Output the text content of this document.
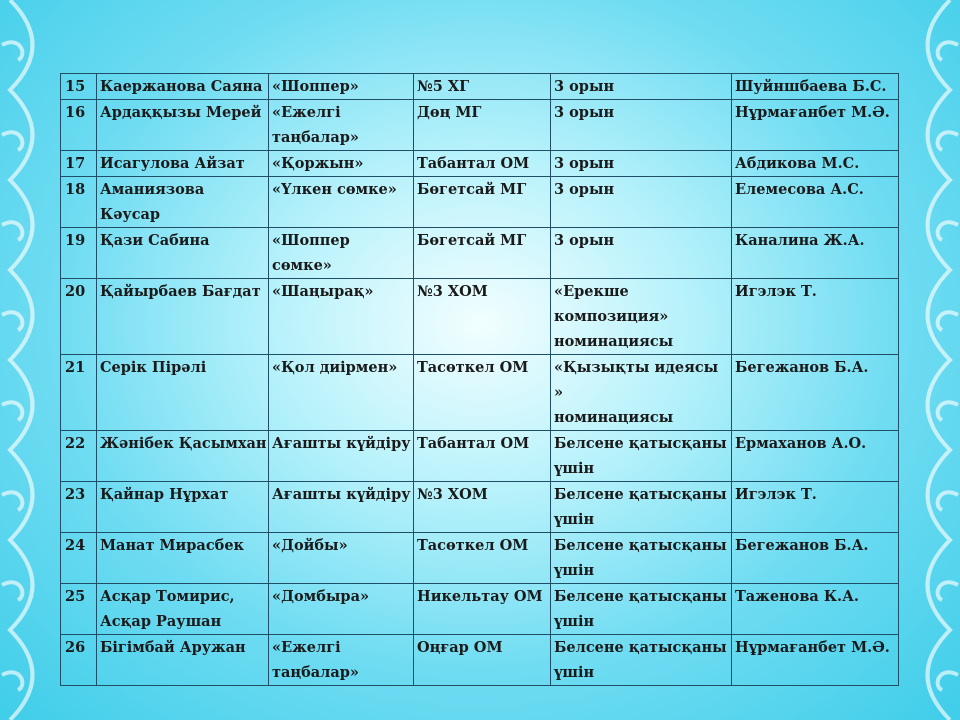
15	Каержанова Саяна	«Шоппер»	№5 ХГ	3 орын	Шуйншбаева Б.С.
16	Ардаққызы Мерей	«Ежелгі
таңбалар»	Дөң МГ	3 орын	Нұрмағанбет М.Ә.
17	Исагулова Айзат	«Қоржын»	Табантал ОМ	3 орын	Абдикова М.С.
18	Аманиязова Кәусар	«Үлкен сөмке»	Бөгетсай МГ	3 орын	Елемесова А.С.
19	Қази Сабина	«Шоппер
сөмке»	Бөгетсай МГ	3 орын	Каналина Ж.А.
20	Қайырбаев Бағдат	«Шаңырақ»	№3 ХОМ	«Ерекше
композиция»
номинациясы	Игэлэк Т.
21	Серік Пірәлі	«Қол диірмен»	Тасөткел ОМ	«Қызықты идеясы »
номинациясы	Бегежанов Б.А.
22	Жәнібек Қасымхан	Ағашты күйдіру	Табантал ОМ	Белсене қатысқаны
үшін	Ермаханов А.О.
23	Қайнар Нұрхат	Ағашты күйдіру	№3 ХОМ	Белсене қатысқаны
үшін	Игэлэк Т.
24	Манат Мирасбек	«Дойбы»	Тасөткел ОМ	Белсене қатысқаны
үшін	Бегежанов Б.А.
25	Асқар Томирис,
Асқар Раушан	«Домбыра»	Никельтау ОМ	Белсене қатысқаны
үшін	Таженова К.А.
26	Бігімбай Аружан	«Ежелгі
таңбалар»	Оңғар ОМ	Белсене қатысқаны
үшін	Нұрмағанбет М.Ә.
